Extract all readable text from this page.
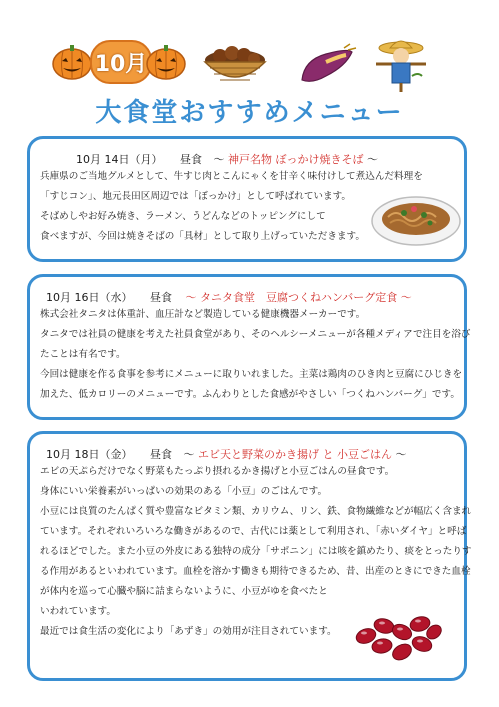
10月
大食堂おすすめメニュー
10月 14日（月） 昼食 ～ 神戸名物 ぼっかけ焼きそば ～

兵庫県のご当地グルメとして、牛すじ肉とこんにゃくを甘辛く味付けして煮込んだ料理を

「すじコン」、地元長田区周辺では「ぼっかけ」として呼ばれています。

そばめしやお好み焼き、ラーメン、うどんなどのトッピングにして

食べますが、今回は焼きそばの「具材」として取り上げっていただきます。

10月 16日（水） 昼食 ～ タニタ食堂　豆腐つくねハンバーグ定食 ～

株式会社タニタは体重計、血圧計など製造している健康機器メーカーです。

タニタでは社員の健康を考えた社員食堂があり、そのヘルシーメニューが各種メディアで注目を浴び

たことは有名です。

今回は健康を作る食事を参考にメニューに取りいれました。主菜は鶏肉のひき肉と豆腐にひじきを

加えた、低カロリーのメニューです。ふんわりとした食感がやさしい「つくねハンバーグ」です。

10月 18日（金） 昼食 ～ エビ天と野菜のかき揚げ と 小豆ごはん ～

エビの天ぷらだけでなく野菜もたっぷり摂れるかき揚げと小豆ごはんの昼食です。

身体にいい栄養素がいっぱいの効果のある「小豆」のごはんです。

小豆には良質のたんぱく質や豊富なビタミン類、カリウム、リン、鉄、食物繊維などが幅広く含まれ

ています。それぞれいろいろな働きがあるので、古代には薬として利用され、「赤いダイヤ」と呼ば

れるほどでした。また小豆の外皮にある独特の成分「サポニン」には咳を鎮めたり、痰をとったりす

る作用があるといわれています。血栓を溶かす働きも期待できるため、昔、出産のときにできた血栓

が体内を巡って心臓や脳に詰まらないように、小豆がゆを食べたと

いわれています。

最近では食生活の変化により「あずき」の効用が注目されています。
